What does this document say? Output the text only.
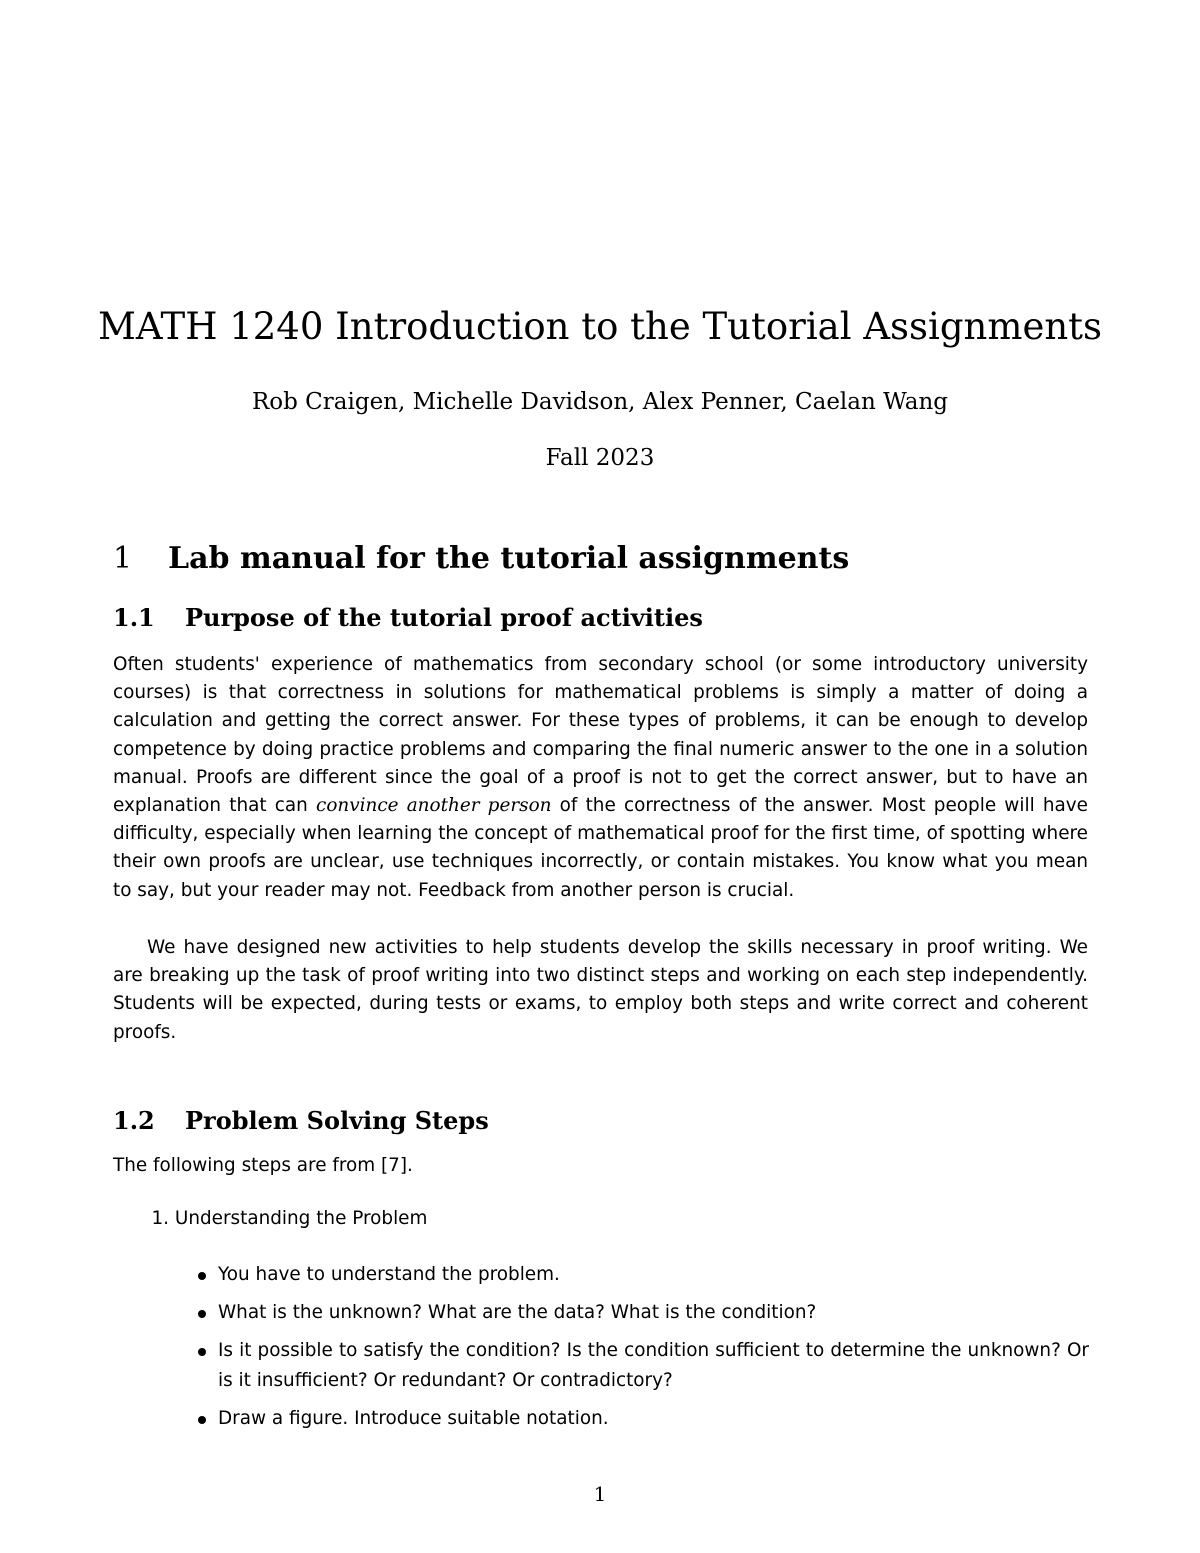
MATH 1240 Introduction to the Tutorial Assignments
Rob Craigen, Michelle Davidson, Alex Penner, Caelan Wang
Fall 2023
1 Lab manual for the tutorial assignments
1.1 Purpose of the tutorial proof activities
Often students' experience of mathematics from secondary school (or some introductory university courses) is that correctness in solutions for mathematical problems is simply a matter of doing a calculation and getting the correct answer. For these types of problems, it can be enough to develop competence by doing practice problems and comparing the final numeric answer to the one in a solution manual. Proofs are different since the goal of a proof is not to get the correct answer, but to have an explanation that can convince another person of the correctness of the answer. Most people will have difficulty, especially when learning the concept of mathematical proof for the first time, of spotting where their own proofs are unclear, use techniques incorrectly, or contain mistakes. You know what you mean to say, but your reader may not. Feedback from another person is crucial.
We have designed new activities to help students develop the skills necessary in proof writing. We are breaking up the task of proof writing into two distinct steps and working on each step independently. Students will be expected, during tests or exams, to employ both steps and write correct and coherent proofs.
1.2 Problem Solving Steps
The following steps are from [7].
1. Understanding the Problem
You have to understand the problem.
What is the unknown? What are the data? What is the condition?
Is it possible to satisfy the condition? Is the condition sufficient to determine the unknown? Or is it insufficient? Or redundant? Or contradictory?
Draw a figure. Introduce suitable notation.
1
